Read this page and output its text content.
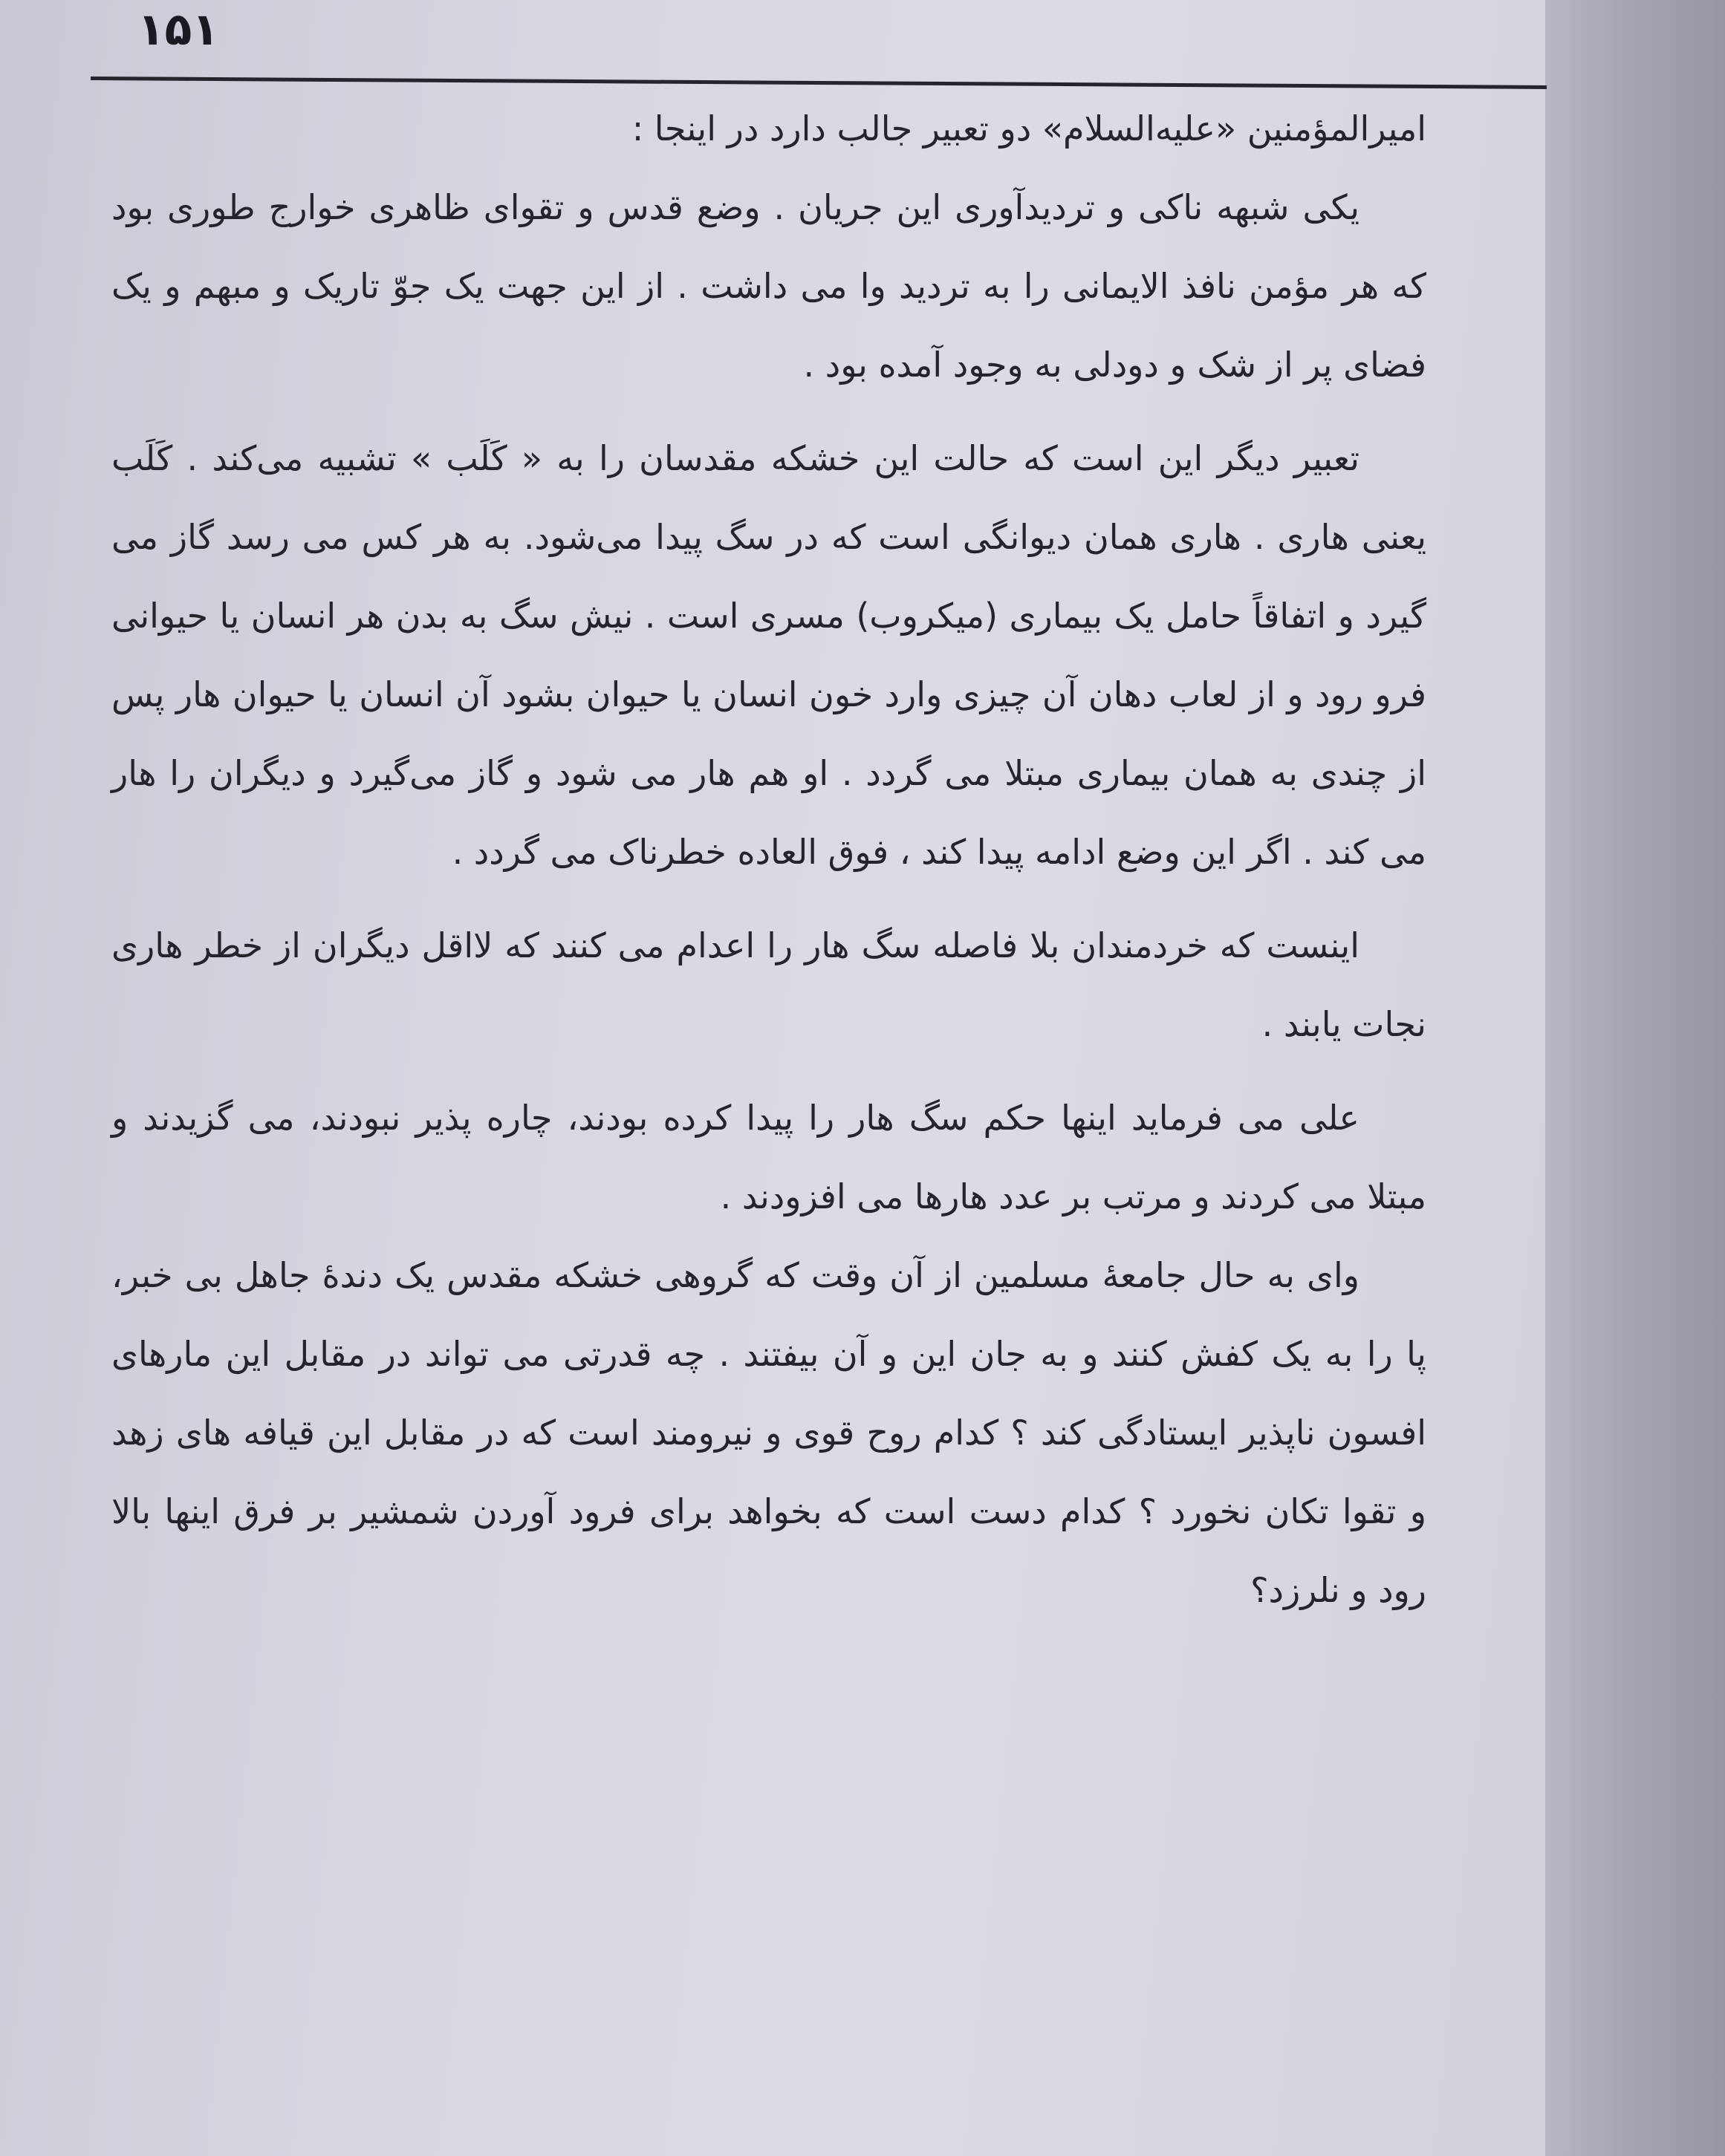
۱۵۱

امیرالمؤمنین «علیه‌السلام» دو تعبیر جالب دارد در اینجا :

یکی شبهه ناکی و تردیدآوری این جریان . وضع قدس و تقوای ظاهری خوارج طوری بود که هر مؤمن نافذ الایمانی را به تردید وا می داشت . از این جهت یک جوّ تاریک و مبهم و یک فضای پر از شک و دودلی به وجود آمده بود .

تعبیر دیگر این است که حالت این خشکه مقدسان را به « کَلَب » تشبیه می‌کند . کَلَب یعنی هاری . هاری همان دیوانگی است که در سگ پیدا می‌شود. به هر کس می رسد گاز می گیرد و اتفاقاً حامل یک بیماری (میکروب) مسری است . نیش سگ به بدن هر انسان یا حیوانی فرو رود و از لعاب دهان آن چیزی وارد خون انسان یا حیوان بشود آن انسان یا حیوان هار پس از چندی به همان بیماری مبتلا می گردد . او هم هار می شود و گاز می‌گیرد و دیگران را هار می کند . اگر این وضع ادامه پیدا کند ، فوق العاده خطرناک می گردد .

اینست که خردمندان بلا فاصله سگ هار را اعدام می کنند که لااقل دیگران از خطر هاری نجات یابند .

علی می فرماید اینها حکم سگ هار را پیدا کرده بودند، چاره پذیر نبودند، می گزیدند و مبتلا می کردند و مرتب بر عدد هارها می افزودند .

وای به حال جامعهٔ مسلمین از آن وقت که گروهی خشکه مقدس یک دندهٔ جاهل بی خبر، پا را به یک کفش کنند و به جان این و آن بیفتند . چه قدرتی می تواند در مقابل این مارهای افسون ناپذیر ایستادگی کند ؟ کدام روح قوی و نیرومند است که در مقابل این قیافه های زهد و تقوا تکان نخورد ؟ کدام دست است که بخواهد برای فرود آوردن شمشیر بر فرق اینها بالا رود و نلرزد؟
